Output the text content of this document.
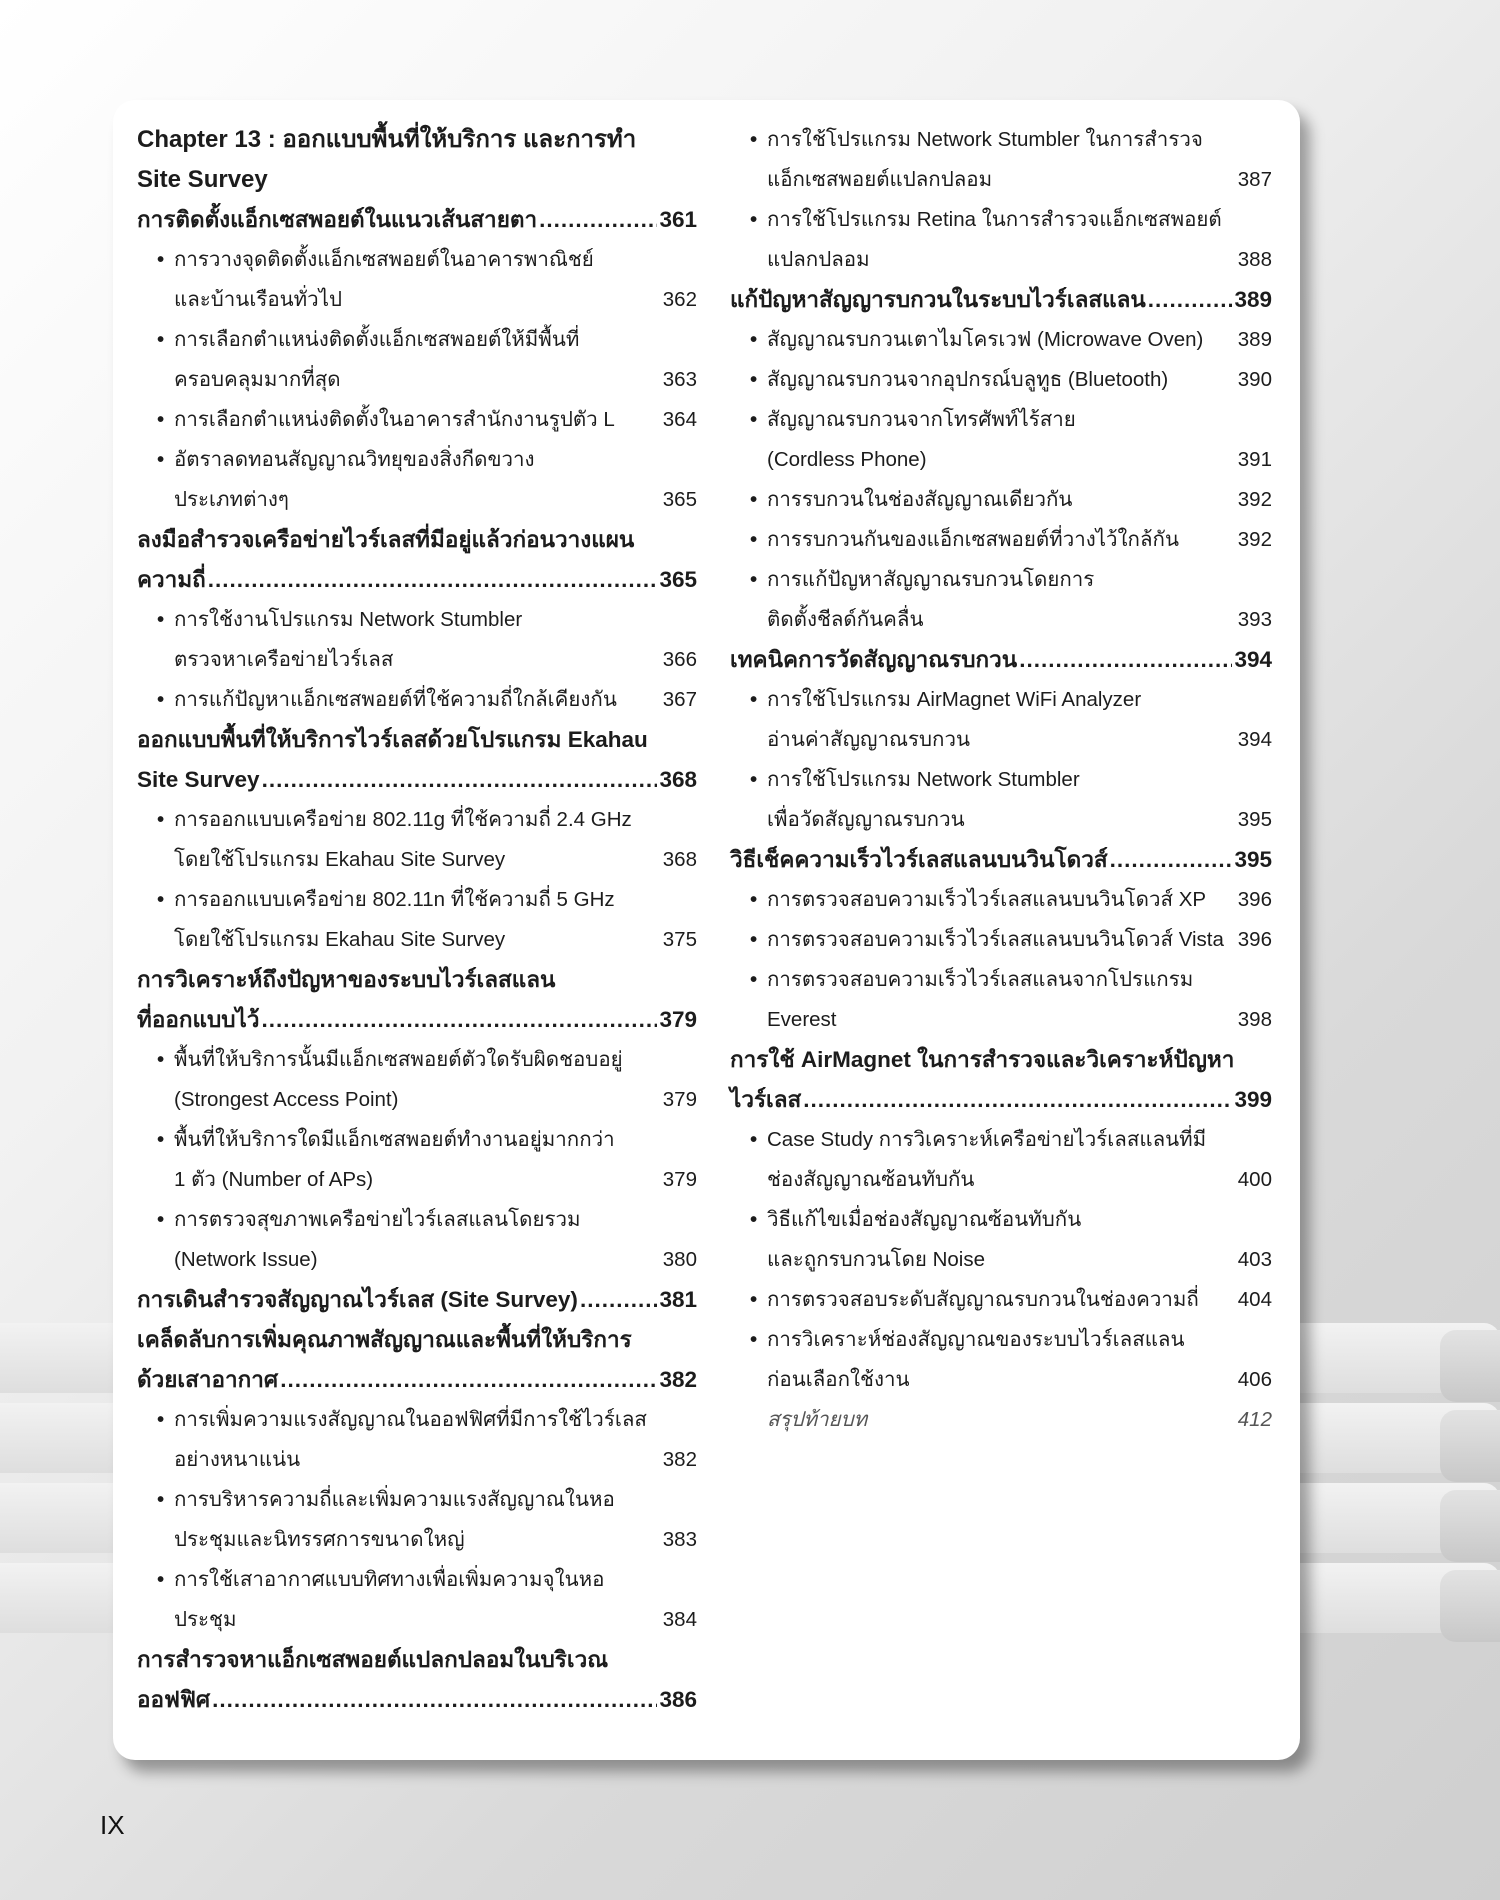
Chapter 13 : ออกแบบพื้นที่ให้บริการ และการทำ
Site Survey
การติดตั้งแอ็กเซสพอยต์ในแนวเส้นสายตา .....	361
• การวางจุดติดตั้งแอ็กเซสพอยต์ในอาคารพาณิชย์
และบ้านเรือนทั่วไป	362
• การเลือกตำแหน่งติดตั้งแอ็กเซสพอยต์ให้มีพื้นที่
ครอบคลุมมากที่สุด	363
• การเลือกตำแหน่งติดตั้งในอาคารสำนักงานรูปตัว L 364
• อัตราลดทอนสัญญาณวิทยุของสิ่งกีดขวาง
ประเภทต่างๆ	365
ลงมือสำรวจเครือข่ายไวร์เลสที่มีอยู่แล้วก่อนวางแผน
ความถี่ .....	365
• การใช้งานโปรแกรม Network Stumbler
ตรวจหาเครือข่ายไวร์เลส	366
• การแก้ปัญหาแอ็กเซสพอยต์ที่ใช้ความถี่ใกล้เคียงกัน 367
ออกแบบพื้นที่ให้บริการไวร์เลสด้วยโปรแกรม Ekahau
Site Survey .....	368
• การออกแบบเครือข่าย 802.11g ที่ใช้ความถี่ 2.4 GHz
โดยใช้โปรแกรม Ekahau Site Survey	368
• การออกแบบเครือข่าย 802.11n ที่ใช้ความถี่ 5 GHz
โดยใช้โปรแกรม Ekahau Site Survey	375
การวิเคราะห์ถึงปัญหาของระบบไวร์เลสแลน
ที่ออกแบบไว้ .....	379
• พื้นที่ให้บริการนั้นมีแอ็กเซสพอยต์ตัวใดรับผิดชอบอยู่
(Strongest Access Point)	379
• พื้นที่ให้บริการใดมีแอ็กเซสพอยต์ทำงานอยู่มากกว่า
1 ตัว (Number of APs)	379
• การตรวจสุขภาพเครือข่ายไวร์เลสแลนโดยรวม
(Network Issue)	380
การเดินสำรวจสัญญาณไวร์เลส (Site Survey) .....	381
เคล็ดลับการเพิ่มคุณภาพสัญญาณและพื้นที่ให้บริการ
ด้วยเสาอากาศ .....	382
• การเพิ่มความแรงสัญญาณในออฟฟิศที่มีการใช้ไวร์เลส
อย่างหนาแน่น	382
• การบริหารความถี่และเพิ่มความแรงสัญญาณในหอ
ประชุมและนิทรรศการขนาดใหญ่	383
• การใช้เสาอากาศแบบทิศทางเพื่อเพิ่มความจุในหอ
ประชุม	384
การสำรวจหาแอ็กเซสพอยต์แปลกปลอมในบริเวณ
ออฟฟิศ .....	386
• การใช้โปรแกรม Network Stumbler ในการสำรวจ
แอ็กเซสพอยต์แปลกปลอม	387
• การใช้โปรแกรม Retina ในการสำรวจแอ็กเซสพอยต์
แปลกปลอม	388
แก้ปัญหาสัญญารบกวนในระบบไวร์เลสแลน .....	389
• สัญญาณรบกวนเตาไมโครเวฟ (Microwave Oven) 389
• สัญญาณรบกวนจากอุปกรณ์บลูทูธ (Bluetooth)	390
• สัญญาณรบกวนจากโทรศัพท์ไร้สาย
(Cordless Phone)	391
• การรบกวนในช่องสัญญาณเดียวกัน	392
• การรบกวนกันของแอ็กเซสพอยต์ที่วางไว้ใกล้กัน	392
• การแก้ปัญหาสัญญาณรบกวนโดยการ
ติดตั้งชีลด์กันคลื่น	393
เทคนิคการวัดสัญญาณรบกวน .....	394
• การใช้โปรแกรม AirMagnet WiFi Analyzer
อ่านค่าสัญญาณรบกวน	394
• การใช้โปรแกรม Network Stumbler
เพื่อวัดสัญญาณรบกวน	395
วิธีเช็คความเร็วไวร์เลสแลนบนวินโดวส์ .....	395
• การตรวจสอบความเร็วไวร์เลสแลนบนวินโดวส์ XP 396
• การตรวจสอบความเร็วไวร์เลสแลนบนวินโดวส์ Vista 396
• การตรวจสอบความเร็วไวร์เลสแลนจากโปรแกรม
Everest	398
การใช้ AirMagnet ในการสำรวจและวิเคราะห์ปัญหา
ไวร์เลส .....	399
• Case Study การวิเคราะห์เครือข่ายไวร์เลสแลนที่มี
ช่องสัญญาณซ้อนทับกัน	400
• วิธีแก้ไขเมื่อช่องสัญญาณซ้อนทับกัน
และถูกรบกวนโดย Noise	403
• การตรวจสอบระดับสัญญาณรบกวนในช่องความถี่ 404
• การวิเคราะห์ช่องสัญญาณของระบบไวร์เลสแลน
ก่อนเลือกใช้งาน	406
สรุปท้ายบท	412
IX
